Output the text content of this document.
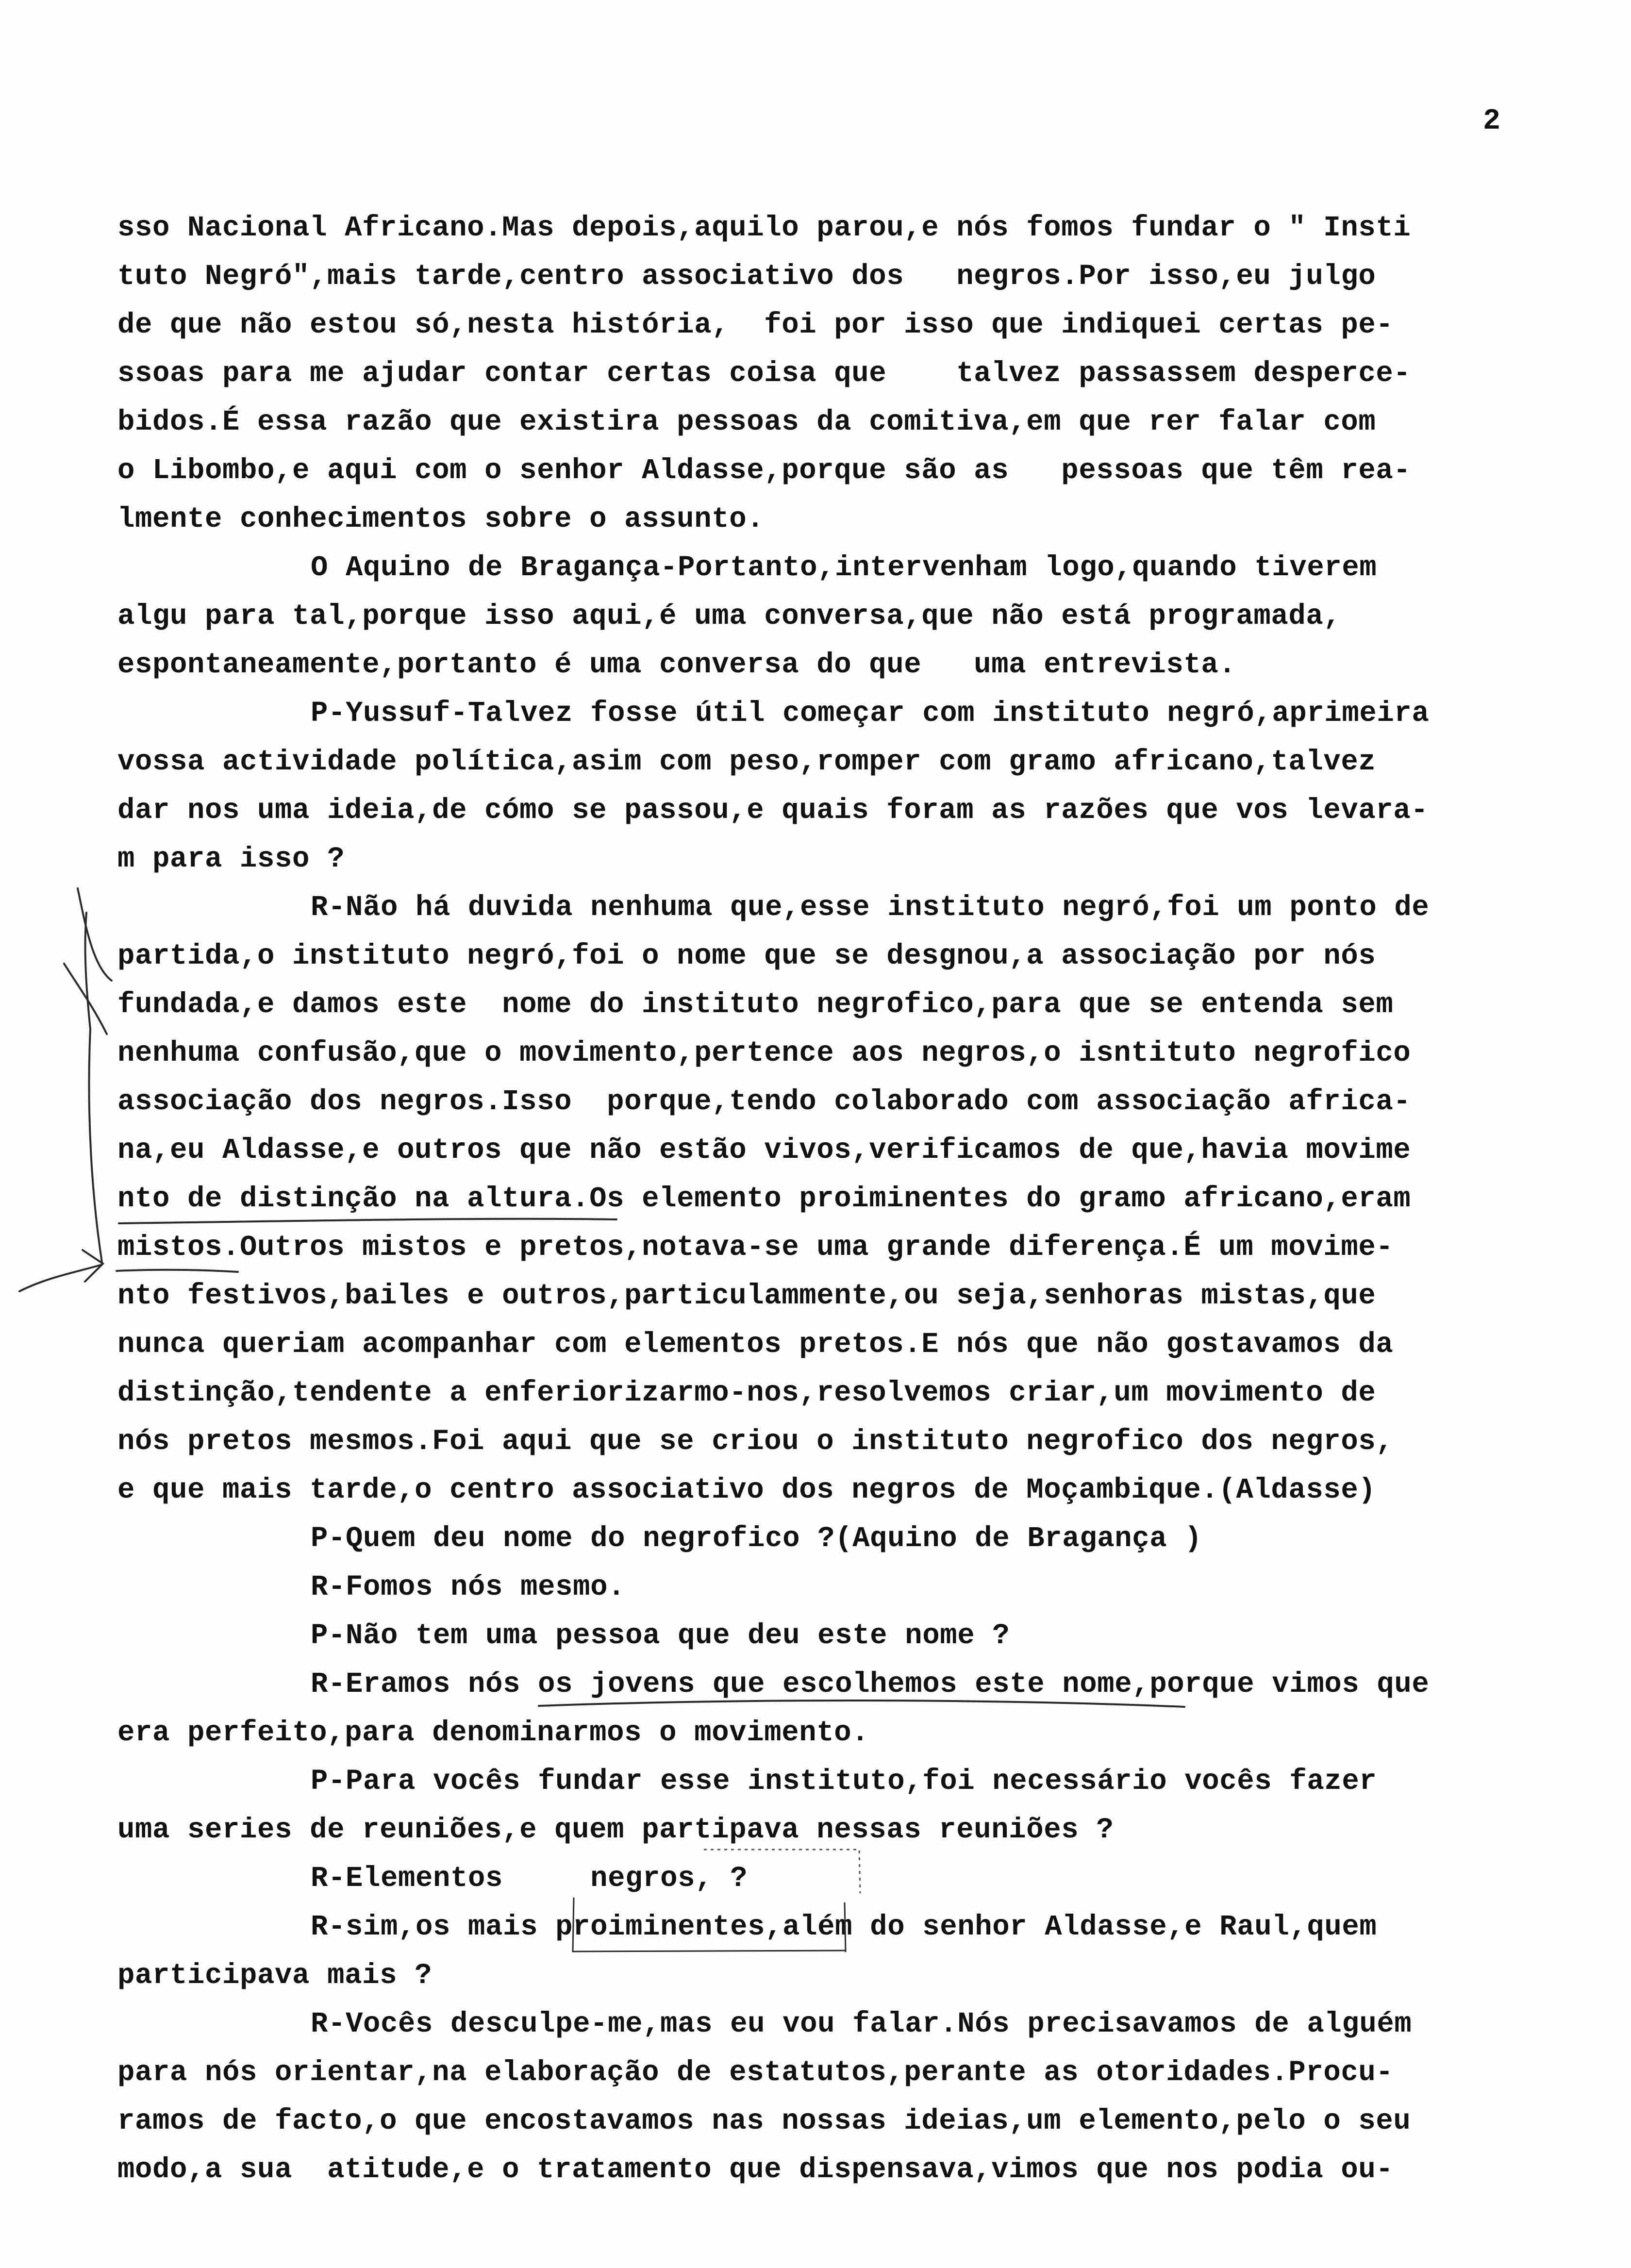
2
sso Nacional Africano.Mas depois,aquilo parou,e nós fomos fundar o " Insti
tuto Negró",mais tarde,centro associativo dos   negros.Por isso,eu julgo
de que não estou só,nesta história,  foi por isso que indiquei certas pe-
ssoas para me ajudar contar certas coisa que    talvez passassem desperce-
bidos.É essa razão que existira pessoas da comitiva,em que rer falar com
o Libombo,e aqui com o senhor Aldasse,porque são as   pessoas que têm rea-
lmente conhecimentos sobre o assunto.
O Aquino de Bragança-Portanto,intervenham logo,quando tiverem
algu para tal,porque isso aqui,é uma conversa,que não está programada,
espontaneamente,portanto é uma conversa do que   uma entrevista.
P-Yussuf-Talvez fosse útil começar com instituto negró,aprimeira
vossa actividade política,asim com peso,romper com gramo africano,talvez
dar nos uma ideia,de cómo se passou,e quais foram as razões que vos levara-
m para isso ?
R-Não há duvida nenhuma que,esse instituto negró,foi um ponto de
partida,o instituto negró,foi o nome que se desgnou,a associação por nós
fundada,e damos este  nome do instituto negrofico,para que se entenda sem
nenhuma confusão,que o movimento,pertence aos negros,o isntituto negrofico
associação dos negros.Isso  porque,tendo colaborado com associação africa-
na,eu Aldasse,e outros que não estão vivos,verificamos de que,havia movime
nto de distinção na altura.Os elemento proiminentes do gramo africano,eram
mistos.Outros mistos e pretos,notava-se uma grande diferença.É um movime-
nto festivos,bailes e outros,particulammente,ou seja,senhoras mistas,que
nunca queriam acompanhar com elementos pretos.E nós que não gostavamos da
distinção,tendente a enferiorizarmo-nos,resolvemos criar,um movimento de
nós pretos mesmos.Foi aqui que se criou o instituto negrofico dos negros,
e que mais tarde,o centro associativo dos negros de Moçambique.(Aldasse)
P-Quem deu nome do negrofico ?(Aquino de Bragança )
R-Fomos nós mesmo.
P-Não tem uma pessoa que deu este nome ?
R-Eramos nós os jovens que escolhemos este nome,porque vimos que
era perfeito,para denominarmos o movimento.
P-Para vocês fundar esse instituto,foi necessário vocês fazer
uma series de reuniões,e quem partipava nessas reuniões ?
R-Elementos     negros, ?
R-sim,os mais proiminentes,além do senhor Aldasse,e Raul,quem
participava mais ?
R-Vocês desculpe-me,mas eu vou falar.Nós precisavamos de alguém
para nós orientar,na elaboração de estatutos,perante as otoridades.Procu-
ramos de facto,o que encostavamos nas nossas ideias,um elemento,pelo o seu
modo,a sua  atitude,e o tratamento que dispensava,vimos que nos podia ou-
